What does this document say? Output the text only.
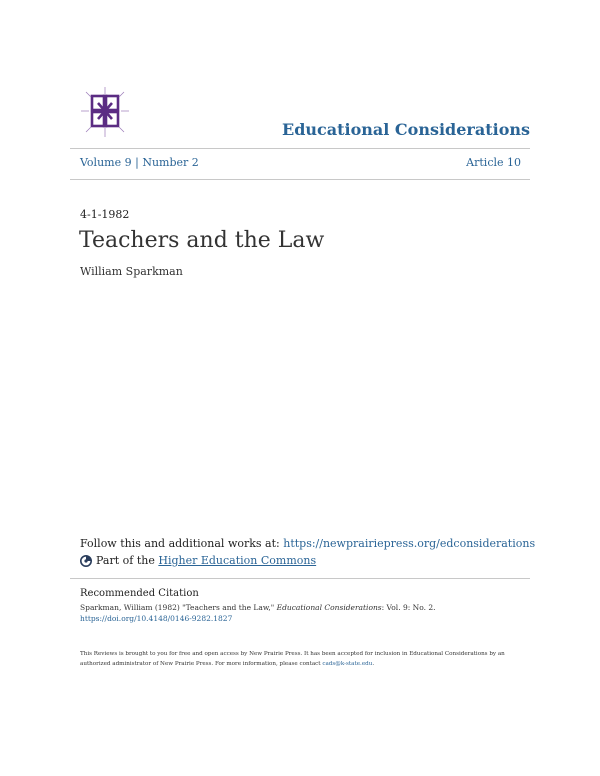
Educational Considerations
Volume 9 | Number 2	Article 10
4-1-1982
Teachers and the Law
William Sparkman
Follow this and additional works at: https://newprairiepress.org/edconsiderations
Part of the
Higher Education Commons
Recommended Citation
Sparkman, William (1982) "Teachers and the Law," Educational Considerations: Vol. 9: No. 2. https://doi.org/10.4148/0146-9282.1827
This Reviews is brought to you for free and open access by New Prairie Press. It has been accepted for inclusion in Educational Considerations by an authorized administrator of New Prairie Press. For more information, please contact cads@k-state.edu.
